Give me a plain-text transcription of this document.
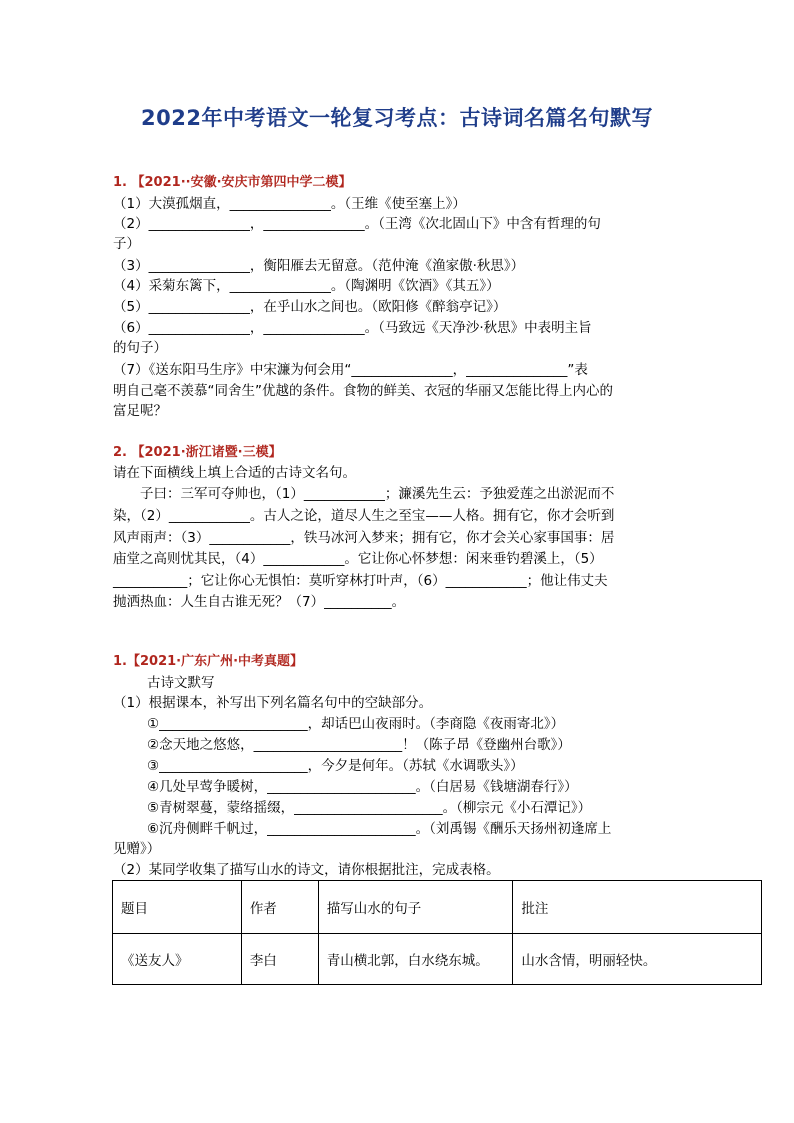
2022年中考语文一轮复习考点：古诗词名篇名句默写
1. 【2021··安徽·安庆市第四中学二模】
（1）大漠孤烟直，_______________。（王维《使至塞上》）
（2）_______________，_______________。（王湾《次北固山下》中含有哲理的句
子）
（3）_______________，衡阳雁去无留意。（范仲淹《渔家傲·秋思》）
（4）采菊东篱下，_______________。（陶渊明《饮酒》《其五》）
（5）_______________，在乎山水之间也。（欧阳修《醉翁亭记》）
（6）_______________，_______________。（马致远《天净沙·秋思》中表明主旨
的句子）
（7）《送东阳马生序》中宋濂为何会用“_______________，_______________”表
明自己毫不羡慕“同舍生”优越的条件。食物的鲜美、衣冠的华丽又怎能比得上内心的
富足呢？
2. 【2021·浙江诸暨·三模】
请在下面横线上填上合适的古诗文名句。
　　子曰：三军可夺帅也，（1）____________；濂溪先生云：予独爱莲之出淤泥而不
染，（2）____________。古人之论，道尽人生之至宝——人格。拥有它，你才会听到
风声雨声：（3）____________，铁马冰河入梦来；拥有它，你才会关心家事国事：居
庙堂之高则忧其民，（4）____________。它让你心怀梦想：闲来垂钓碧溪上，（5）
___________；它让你心无惧怕：莫听穿林打叶声，（6）____________；他让伟丈夫
抛洒热血：人生自古谁无死？（7）__________。
1.【2021·广东广州·中考真题】
古诗文默写
（1）根据课本，补写出下列名篇名句中的空缺部分。
①______________________，却话巴山夜雨时。（李商隐《夜雨寄北》）
②念天地之悠悠，______________________！（陈子昂《登幽州台歌》）
③______________________，今夕是何年。（苏轼《水调歌头》）
④几处早莺争暖树，______________________。（白居易《钱塘湖春行》）
⑤青树翠蔓，蒙络摇缀，______________________。（柳宗元《小石潭记》）
⑥沉舟侧畔千帆过，______________________。（刘禹锡《酬乐天扬州初逢席上
见赠》）
（2）某同学收集了描写山水的诗文，请你根据批注，完成表格。
题目	作者	描写山水的句子	批注
《送友人》	李白	青山横北郭，白水绕东城。	山水含情，明丽轻快。
